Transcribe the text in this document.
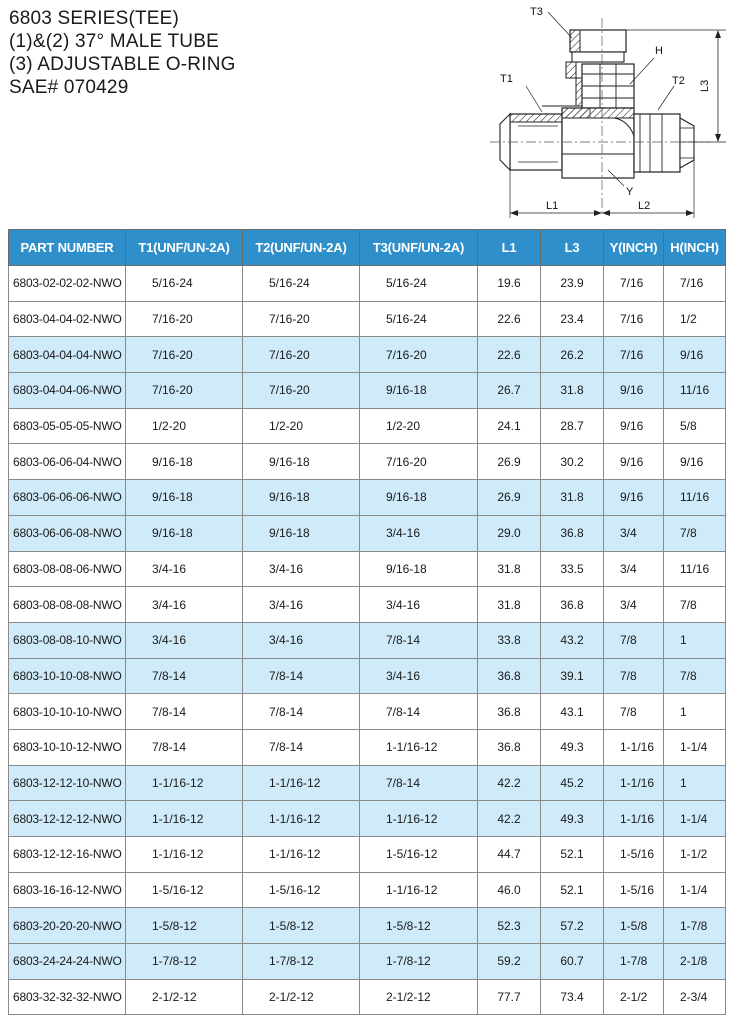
6803 SERIES(TEE)
(1)&(2) 37° MALE TUBE
(3) ADJUSTABLE O-RING
SAE# 070429
T3
H
T1	T2 L3
Y
L1	L2
PART NUMBER	T1(UNF/UN-2A)	T2(UNF/UN-2A)	T3(UNF/UN-2A)	L1	L3	Y(INCH)	H(INCH)
6803-02-02-02-NWO	5/16-24	5/16-24	5/16-24	19.6	23.9	7/16	7/16
6803-04-04-02-NWO	7/16-20	7/16-20	5/16-24	22.6	23.4	7/16	1/2
6803-04-04-04-NWO	7/16-20	7/16-20	7/16-20	22.6	26.2	7/16	9/16
6803-04-04-06-NWO	7/16-20	7/16-20	9/16-18	26.7	31.8	9/16	11/16
6803-05-05-05-NWO	1/2-20	1/2-20	1/2-20	24.1	28.7	9/16	5/8
6803-06-06-04-NWO	9/16-18	9/16-18	7/16-20	26.9	30.2	9/16	9/16
6803-06-06-06-NWO	9/16-18	9/16-18	9/16-18	26.9	31.8	9/16	11/16
6803-06-06-08-NWO	9/16-18	9/16-18	3/4-16	29.0	36.8	3/4	7/8
6803-08-08-06-NWO	3/4-16	3/4-16	9/16-18	31.8	33.5	3/4	11/16
6803-08-08-08-NWO	3/4-16	3/4-16	3/4-16	31.8	36.8	3/4	7/8
6803-08-08-10-NWO	3/4-16	3/4-16	7/8-14	33.8	43.2	7/8	1
6803-10-10-08-NWO	7/8-14	7/8-14	3/4-16	36.8	39.1	7/8	7/8
6803-10-10-10-NWO	7/8-14	7/8-14	7/8-14	36.8	43.1	7/8	1
6803-10-10-12-NWO	7/8-14	7/8-14	1-1/16-12	36.8	49.3	1-1/16	1-1/4
6803-12-12-10-NWO	1-1/16-12	1-1/16-12	7/8-14	42.2	45.2	1-1/16	1
6803-12-12-12-NWO	1-1/16-12	1-1/16-12	1-1/16-12	42.2	49.3	1-1/16	1-1/4
6803-12-12-16-NWO	1-1/16-12	1-1/16-12	1-5/16-12	44.7	52.1	1-5/16	1-1/2
6803-16-16-12-NWO	1-5/16-12	1-5/16-12	1-1/16-12	46.0	52.1	1-5/16	1-1/4
6803-20-20-20-NWO	1-5/8-12	1-5/8-12	1-5/8-12	52.3	57.2	1-5/8	1-7/8
6803-24-24-24-NWO	1-7/8-12	1-7/8-12	1-7/8-12	59.2	60.7	1-7/8	2-1/8
6803-32-32-32-NWO	2-1/2-12	2-1/2-12	2-1/2-12	77.7	73.4	2-1/2	2-3/4
